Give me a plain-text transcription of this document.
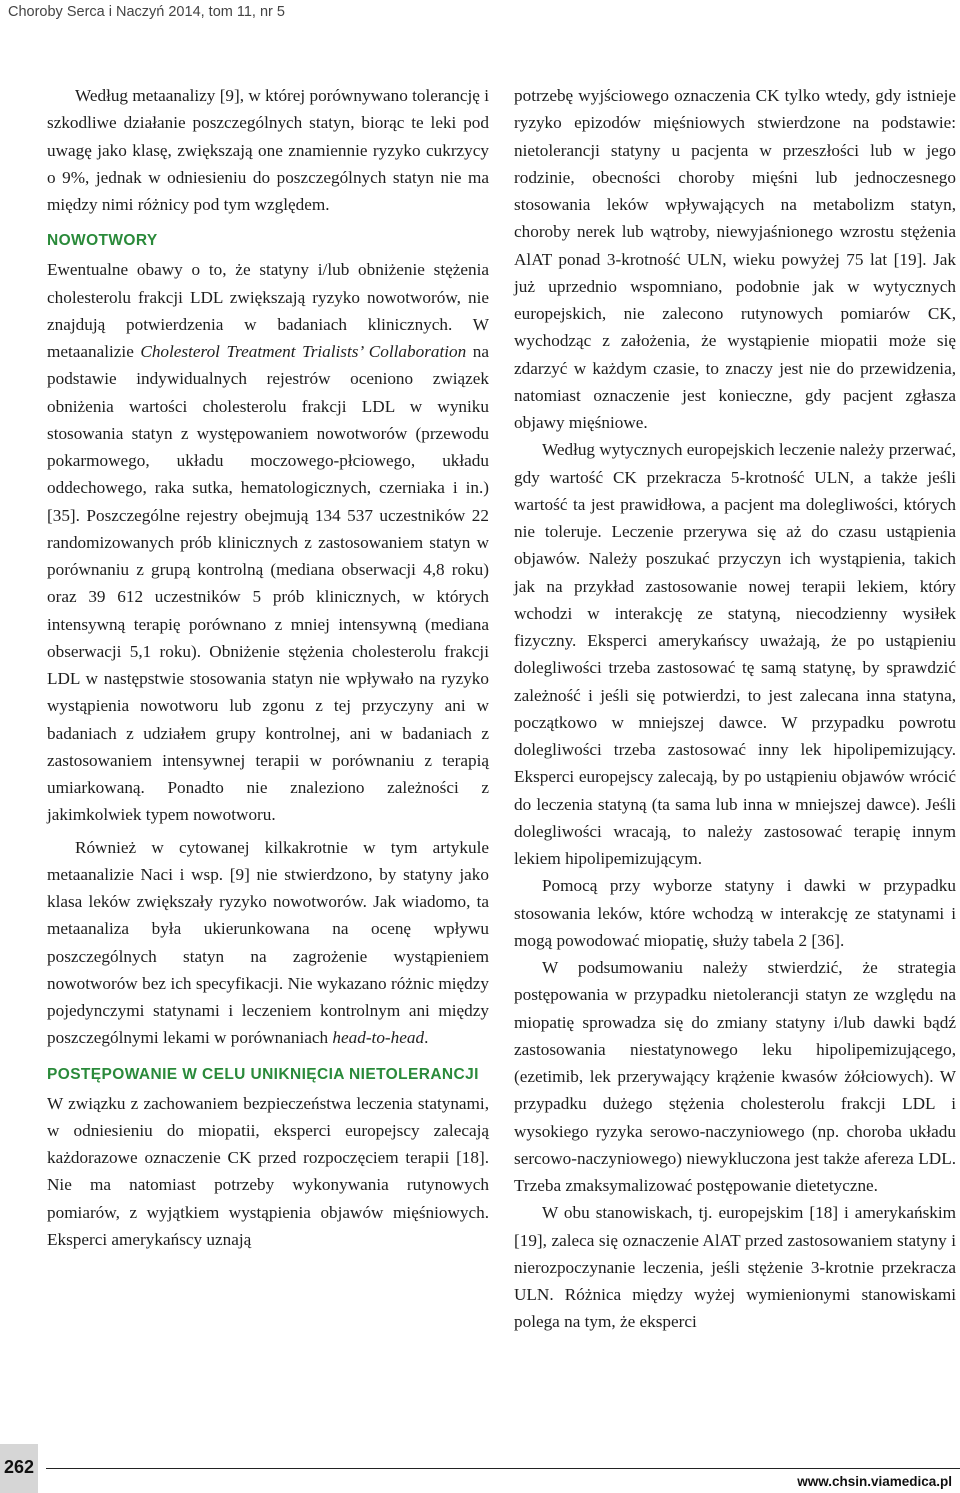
Choroby Serca i Naczyń 2014, tom 11, nr 5

Według metaanalizy [9], w której porównywano tolerancję i szkodliwe działanie poszczególnych statyn, biorąc te leki pod uwagę jako klasę, zwiększają one znamiennie ryzyko cukrzycy o 9%, jednak w odniesieniu do poszczególnych statyn nie ma między nimi różnicy pod tym względem.

NOWOTWORY

Ewentualne obawy o to, że statyny i/lub obniżenie stężenia cholesterolu frakcji LDL zwiększają ryzyko nowotworów, nie znajdują potwierdzenia w badaniach klinicznych. W metaanalizie Cholesterol Treatment Trialists’ Collaboration na podstawie indywidualnych rejestrów oceniono związek obniżenia wartości cholesterolu frakcji LDL w wyniku stosowania statyn z występowaniem nowotworów (przewodu pokarmowego, układu moczowego-płciowego, układu oddechowego, raka sutka, hematologicznych, czerniaka i in.) [35]. Poszczególne rejestry obejmują 134 537 uczestników 22 randomizowanych prób klinicznych z zastosowaniem statyn w porównaniu z grupą kontrolną (mediana obserwacji 4,8 roku) oraz 39 612 uczestników 5 prób klinicznych, w których intensywną terapię porównano z mniej intensywną (mediana obserwacji 5,1 roku). Obniżenie stężenia cholesterolu frakcji LDL w następstwie stosowania statyn nie wpływało na ryzyko wystąpienia nowotworu lub zgonu z tej przyczyny ani w badaniach z udziałem grupy kontrolnej, ani w badaniach z zastosowaniem intensywnej terapii w porównaniu z terapią umiarkowaną. Ponadto nie znaleziono zależności z jakimkolwiek typem nowotworu.

Również w cytowanej kilkakrotnie w tym artykule metaanalizie Naci i wsp. [9] nie stwierdzono, by statyny jako klasa leków zwiększały ryzyko nowotworów. Jak wiadomo, ta metaanaliza była ukierunkowana na ocenę wpływu poszczególnych statyn na zagrożenie wystąpieniem nowotworów bez ich specyfikacji. Nie wykazano różnic między pojedynczymi statynami i leczeniem kontrolnym ani między poszczególnymi lekami w porównaniach head-to-head.

POSTĘPOWANIE W CELU UNIKNIĘCIA NIETOLERANCJI

W związku z zachowaniem bezpieczeństwa leczenia statynami, w odniesieniu do miopatii, eksperci europejscy zalecają każdorazowe oznaczenie CK przed rozpoczęciem terapii [18]. Nie ma natomiast potrzeby wykonywania rutynowych pomiarów, z wyjątkiem wystąpienia objawów mięśniowych. Eksperci amerykańscy uznają

potrzebę wyjściowego oznaczenia CK tylko wtedy, gdy istnieje ryzyko epizodów mięśniowych stwierdzone na podstawie: nietolerancji statyny u pacjenta w przeszłości lub w jego rodzinie, obecności choroby mięśni lub jednoczesnego stosowania leków wpływających na metabolizm statyn, choroby nerek lub wątroby, niewyjaśnionego wzrostu stężenia AlAT ponad 3-krotność ULN, wieku powyżej 75 lat [19]. Jak już uprzednio wspomniano, podobnie jak w wytycznych europejskich, nie zalecono rutynowych pomiarów CK, wychodząc z założenia, że wystąpienie miopatii może się zdarzyć w każdym czasie, to znaczy jest nie do przewidzenia, natomiast oznaczenie jest konieczne, gdy pacjent zgłasza objawy mięśniowe.

Według wytycznych europejskich leczenie należy przerwać, gdy wartość CK przekracza 5-krotność ULN, a także jeśli wartość ta jest prawidłowa, a pacjent ma dolegliwości, których nie toleruje. Leczenie przerywa się aż do czasu ustąpienia objawów. Należy poszukać przyczyn ich wystąpienia, takich jak na przykład zastosowanie nowej terapii lekiem, który wchodzi w interakcję ze statyną, niecodzienny wysiłek fizyczny. Eksperci amerykańscy uważają, że po ustąpieniu dolegliwości trzeba zastosować tę samą statynę, by sprawdzić zależność i jeśli się potwierdzi, to jest zalecana inna statyna, początkowo w mniejszej dawce. W przypadku powrotu dolegliwości trzeba zastosować inny lek hipolipemizujący. Eksperci europejscy zalecają, by po ustąpieniu objawów wrócić do leczenia statyną (ta sama lub inna w mniejszej dawce). Jeśli dolegliwości wracają, to należy zastosować terapię innym lekiem hipolipemizującym.

Pomocą przy wyborze statyny i dawki w przypadku stosowania leków, które wchodzą w interakcję ze statynami i mogą powodować miopatię, służy tabela 2 [36].

W podsumowaniu należy stwierdzić, że strategia postępowania w przypadku nietolerancji statyn ze względu na miopatię sprowadza się do zmiany statyny i/lub dawki bądź zastosowania niestatynowego leku hipolipemizującego, (ezetimib, lek przerywający krążenie kwasów żółciowych). W przypadku dużego stężenia cholesterolu frakcji LDL i wysokiego ryzyka serowo-naczyniowego (np. choroba układu sercowo-naczyniowego) niewykluczona jest także afereza LDL. Trzeba zmaksymalizować postępowanie dietetyczne.

W obu stanowiskach, tj. europejskim [18] i amerykańskim [19], zaleca się oznaczenie AlAT przed zastosowaniem statyny i nierozpoczynanie leczenia, jeśli stężenie 3-krotnie przekracza ULN. Różnica między wyżej wymienionymi stanowiskami polega na tym, że eksperci

262
www.chsin.viamedica.pl
